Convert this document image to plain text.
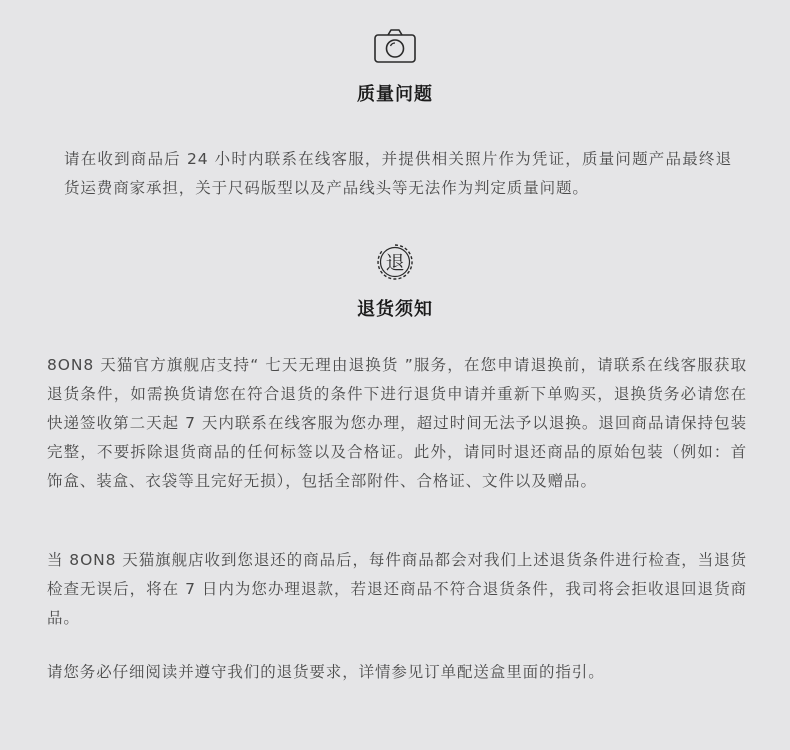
质量问题
请在收到商品后 24 小时内联系在线客服，并提供相关照片作为凭证，质量问题产品最终退货运费商家承担，关于尺码版型以及产品线头等无法作为判定质量问题。
退
退货须知
8ON8 天猫官方旗舰店支持“ 七天无理由退换货 ”服务，在您申请退换前，请联系在线客服获取退货条件，如需换货请您在符合退货的条件下进行退货申请并重新下单购买，退换货务必请您在快递签收第二天起 7 天内联系在线客服为您办理，超过时间无法予以退换。退回商品请保持包装完整，不要拆除退货商品的任何标签以及合格证。此外，请同时退还商品的原始包装（例如：首饰盒、装盒、衣袋等且完好无损），包括全部附件、合格证、文件以及赠品。
当 8ON8 天猫旗舰店收到您退还的商品后，每件商品都会对我们上述退货条件进行检查，当退货检查无误后，将在 7 日内为您办理退款，若退还商品不符合退货条件，我司将会拒收退回退货商品。
请您务必仔细阅读并遵守我们的退货要求，详情参见订单配送盒里面的指引。
